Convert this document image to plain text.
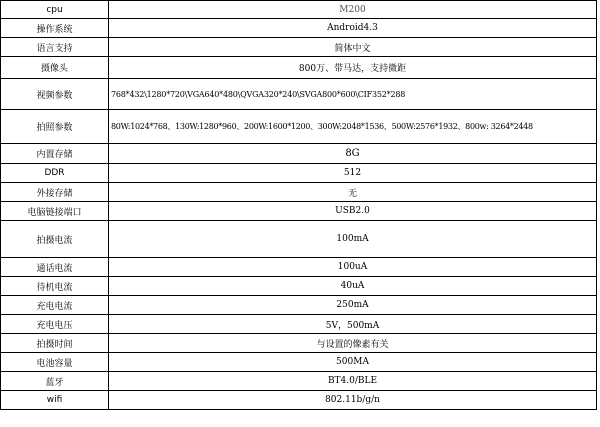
cpu	M200
操作系统	Android4.3
语言支持	简体中文
摄像头	800万、带马达，支持微距
视频参数	768*432\1280*720\VGA640*480\QVGA320*240\SVGA800*600\CIF352*288
拍照参数	80W:1024*768、130W:1280*960、200W:1600*1200、300W:2048*1536、500W:2576*1932、800w: 3264*2448
内置存储	8G
DDR	512
外接存储	无
电脑链接端口	USB2.0
拍摄电流	100mA
通话电流	100uA
待机电流	40uA
充电电流	250mA
充电电压	5V，500mA
拍摄时间	与设置的像素有关
电池容量	500MA
蓝牙	BT4.0/BLE
wifi	802.11b/g/n
